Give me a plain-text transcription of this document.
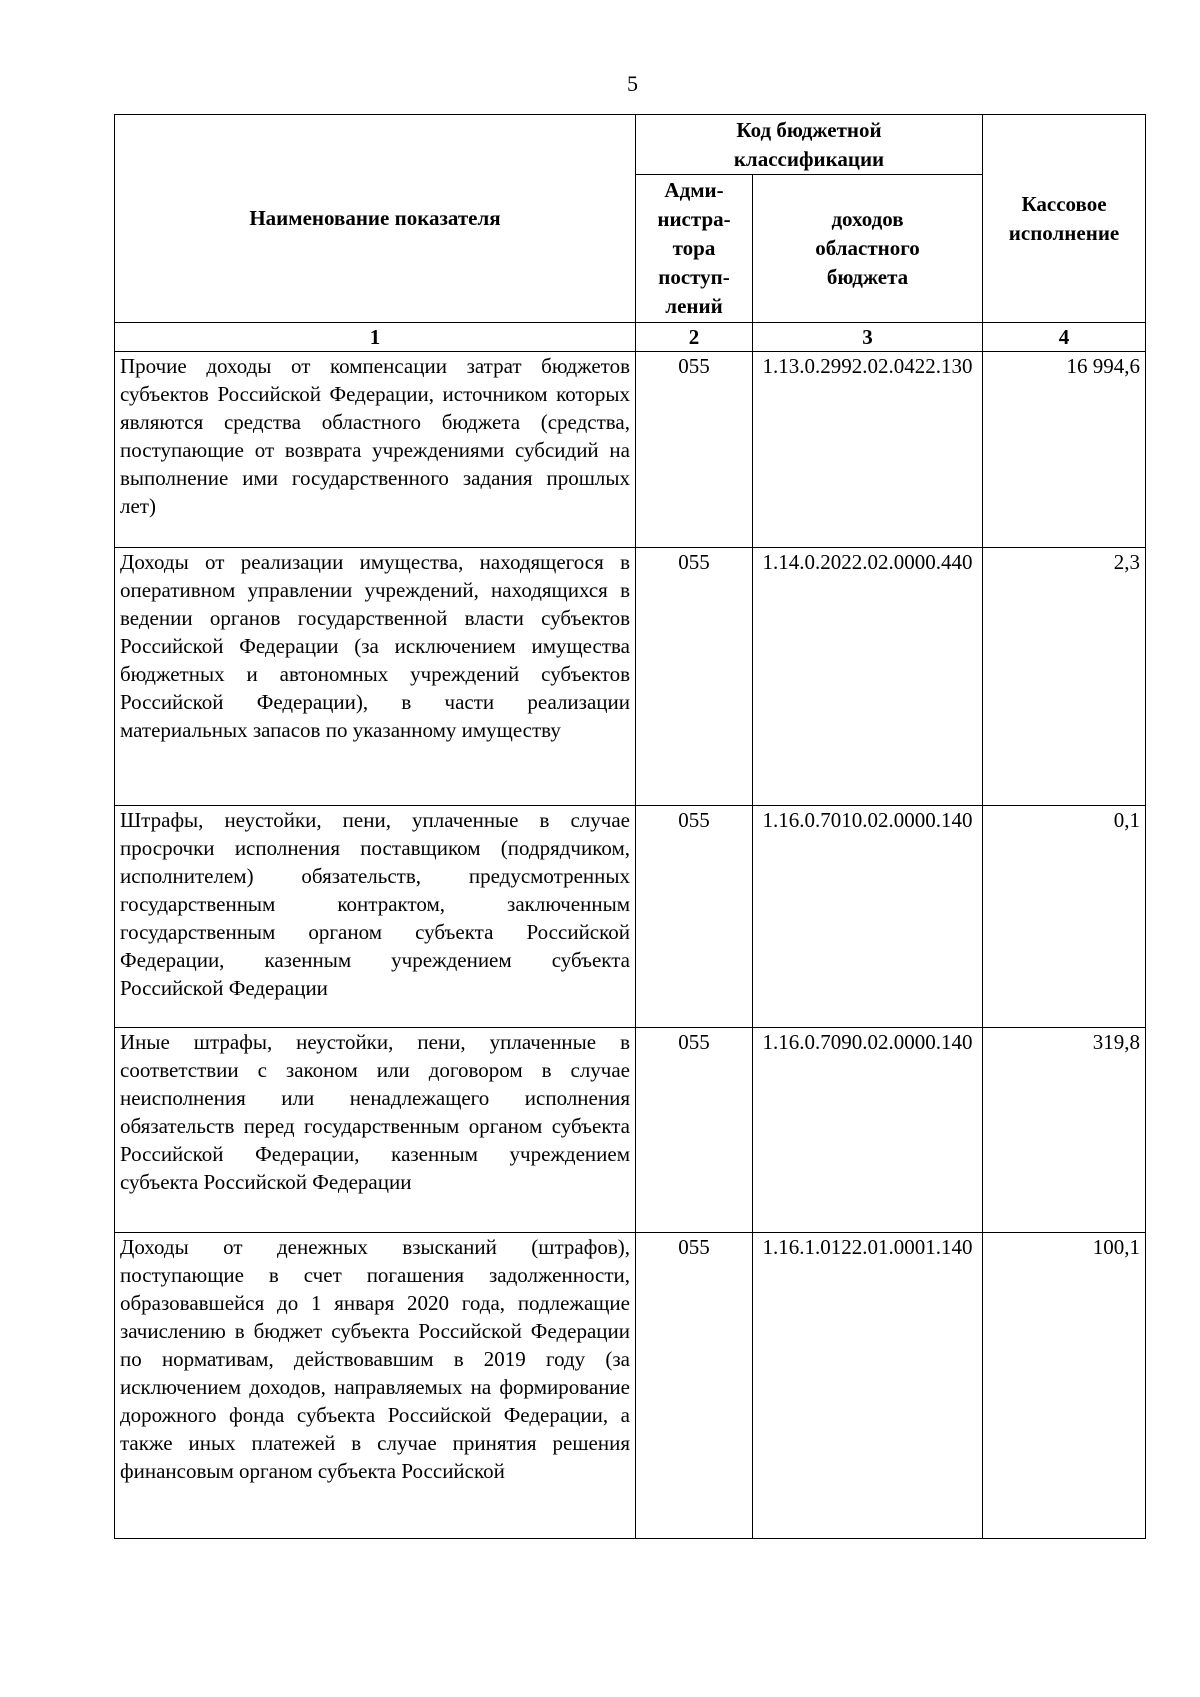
5
Наименование показателя	Код бюджетной классификации		Кассовое исполнение
	Адми-нистра-тора поступ-лений	доходов областного бюджета	
1	2	3	4
Прочие доходы от компенсации затрат бюджетов субъектов Российской Федерации, источником которых являются средства областного бюджета (средства, поступающие от возврата учреждениями субсидий на выполнение ими государственного задания прошлых лет)	055	1.13.0.2992.02.0422.130	16 994,6
Доходы от реализации имущества, находящегося в оперативном управлении учреждений, находящихся в ведении органов государственной власти субъектов Российской Федерации (за исключением имущества бюджетных и автономных учреждений субъектов Российской Федерации), в части реализации материальных запасов по указанному имуществу	055	1.14.0.2022.02.0000.440	2,3
Штрафы, неустойки, пени, уплаченные в случае просрочки исполнения поставщиком (подрядчиком, исполнителем) обязательств, предусмотренных государственным контрактом, заключенным государственным органом субъекта Российской Федерации, казенным учреждением субъекта Российской Федерации	055	1.16.0.7010.02.0000.140	0,1
Иные штрафы, неустойки, пени, уплаченные в соответствии с законом или договором в случае неисполнения или ненадлежащего исполнения обязательств перед государственным органом субъекта Российской Федерации, казенным учреждением субъекта Российской Федерации	055	1.16.0.7090.02.0000.140	319,8
Доходы от денежных взысканий (штрафов), поступающие в счет погашения задолженности, образовавшейся до 1 января 2020 года, подлежащие зачислению в бюджет субъекта Российской Федерации по нормативам, действовавшим в 2019 году (за исключением доходов, направляемых на формирование дорожного фонда субъекта Российской Федерации, а также иных платежей в случае принятия решения финансовым органом субъекта Российской	055	1.16.1.0122.01.0001.140	100,1
